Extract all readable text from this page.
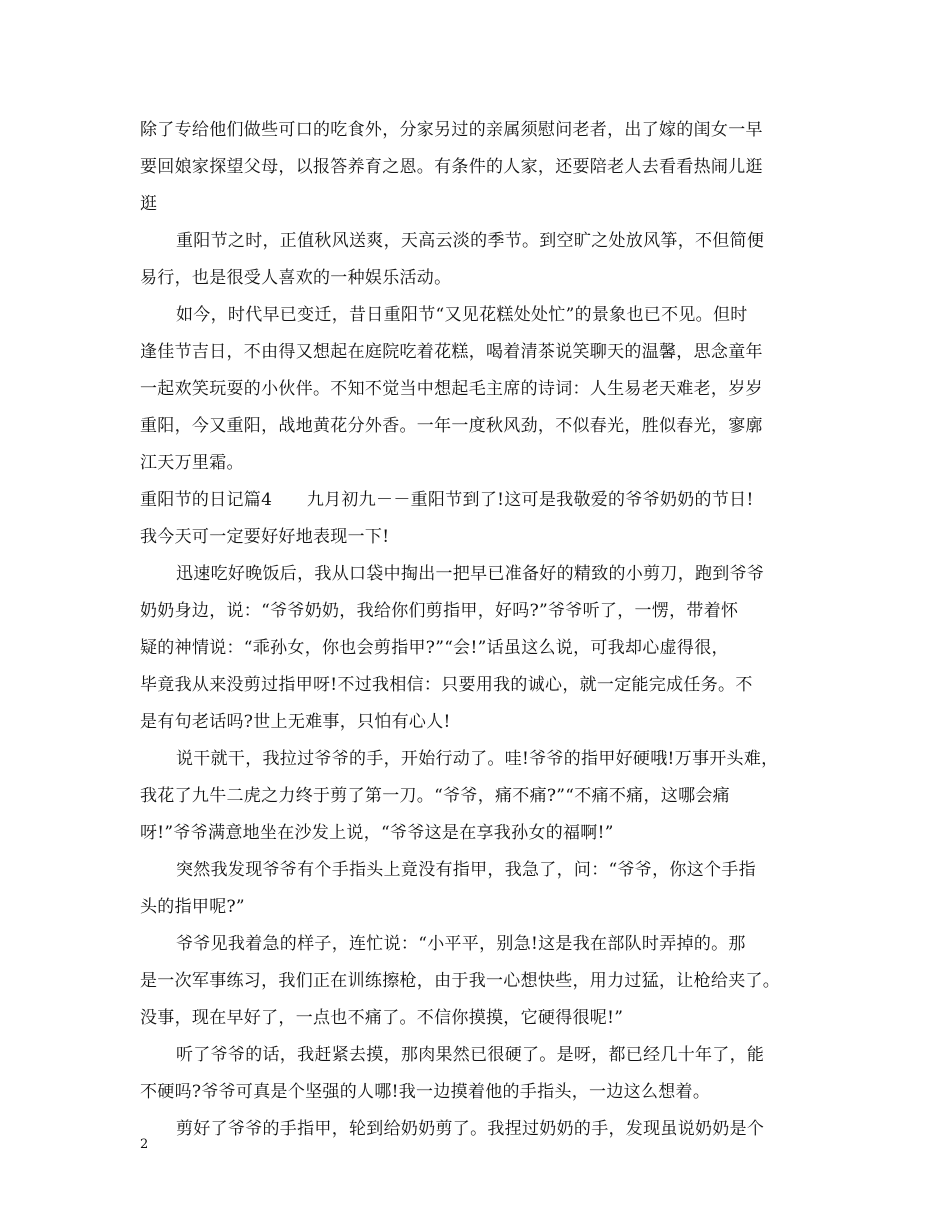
除了专给他们做些可口的吃食外，分家另过的亲属须慰问老者，出了嫁的闺女一早
要回娘家探望父母，以报答养育之恩。有条件的人家，还要陪老人去看看热闹儿逛
逛
重阳节之时，正值秋风送爽，天高云淡的季节。到空旷之处放风筝，不但简便
易行，也是很受人喜欢的一种娱乐活动。
如今，时代早已变迁，昔日重阳节“又见花糕处处忙”的景象也已不见。但时
逢佳节吉日，不由得又想起在庭院吃着花糕，喝着清茶说笑聊天的温馨，思念童年
一起欢笑玩耍的小伙伴。不知不觉当中想起毛主席的诗词：人生易老天难老，岁岁
重阳，今又重阳，战地黄花分外香。一年一度秋风劲，不似春光，胜似春光，寥廓
江天万里霜。
重阳节的日记篇4　　九月初九－－重阳节到了!这可是我敬爱的爷爷奶奶的节日!
我今天可一定要好好地表现一下!
迅速吃好晚饭后，我从口袋中掏出一把早已准备好的精致的小剪刀，跑到爷爷
奶奶身边，说：“爷爷奶奶，我给你们剪指甲，好吗?”爷爷听了，一愣，带着怀
疑的神情说：“乖孙女，你也会剪指甲?”“会!”话虽这么说，可我却心虚得很，
毕竟我从来没剪过指甲呀!不过我相信：只要用我的诚心，就一定能完成任务。不
是有句老话吗?世上无难事，只怕有心人!
说干就干，我拉过爷爷的手，开始行动了。哇!爷爷的指甲好硬哦!万事开头难，
我花了九牛二虎之力终于剪了第一刀。“爷爷，痛不痛?”“不痛不痛，这哪会痛
呀!”爷爷满意地坐在沙发上说，“爷爷这是在享我孙女的福啊!”
突然我发现爷爷有个手指头上竟没有指甲，我急了，问：“爷爷，你这个手指
头的指甲呢?”
爷爷见我着急的样子，连忙说：“小平平，别急!这是我在部队时弄掉的。那
是一次军事练习，我们正在训练擦枪，由于我一心想快些，用力过猛，让枪给夹了。
没事，现在早好了，一点也不痛了。不信你摸摸，它硬得很呢!”
听了爷爷的话，我赶紧去摸，那肉果然已很硬了。是呀，都已经几十年了，能
不硬吗?爷爷可真是个坚强的人哪!我一边摸着他的手指头，一边这么想着。
剪好了爷爷的手指甲，轮到给奶奶剪了。我捏过奶奶的手，发现虽说奶奶是个
2
